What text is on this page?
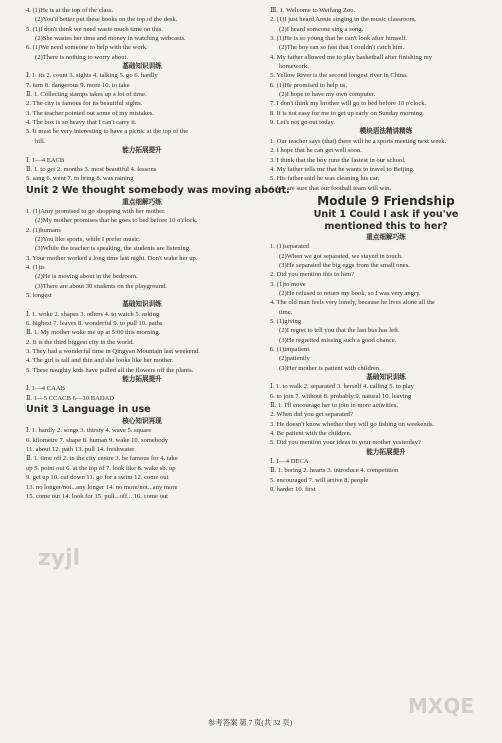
4. (1)He is at the top of the class.
(2)You'd better put these books on the top of the desk.
5. (1)I don't think we need waste much time on this.
(2)She wastes her time and money in watching webcasts.
6. (1)We need someone to help with the work.
(2)There is nothing to worry about.
基础知识训练
Ⅰ. 1. its 2. count 3. sights 4. talking 5. go 6. hardly
7. turn 8. dangerous 9. more 10. to take
Ⅱ. 1. Collecting stamps takes up a lot of time.
2. The city is famous for its beautiful sights.
3. The teacher pointed out some of my mistakes.
4. The box is so heavy that I can't carry it.
5. It must be very interesting to have a picnic at the top of the
hill.
能力拓展提升
Ⅰ. 1—4 EACB
Ⅱ. 1. to get 2. months 3. most beautiful 4. lessons
5. sang 6. went 7. to bring 8. was raining
Unit 2 We thought somebody was moving about.
重点细解巧练
1. (1)Amy promised to go shopping with her mother.
(2)My mother promises that he goes to bed before 10 o'clock.
2. (1)humans
(2)You like sports, while I prefer music.
(3)While the teacher is speaking, the students are listening.
3. Your mother worked a long time last night. Don't wake her up.
4. (1)is
(2)He is moving about in the bedroom.
(3)There are about 30 students on the playground.
5. longest
基础知识训练
Ⅰ. 1. woke 2. shapes 3. others 4. to watch 5. asking
6. highest 7. leaves 8. wonderful 9. to pull 10. paths
Ⅱ. 1. My mother woke me up at 5:00 this morning.
2. It is the third biggest city in the world.
3. They had a wonderful time in Qingyan Mountain last weekend.
4. The girl is tall and thin and she looks like her mother.
5. These naughty kids have pulled all the flowers off the plants.
能力拓展提升
Ⅰ. 1—4 CAAB
Ⅱ. 1—5 CCACB 6—10 BADAD
Unit 3 Language in use
核心知识再现
Ⅰ. 1. hardly 2. songs 3. thirsty 4. wave 5. square
6. kilometre 7. shape 8. human 9. wake 10. somebody
11. about 12. path 13. pull 14. freshwater
Ⅱ. 1. time off 2. in the city centre 3. be famous for 4. take
up 5. point out 6. at the top of 7. look like 8. wake sb. up
9. get up 10. cut down 11. go for a swim 12. come out
13. no longer/not...any longer 14. no more/not...any more
15. come out 14. look for 15. pull...off... 16. come out
Ⅲ. 1. Welcome to Weifang Zoo.
2. (1)I just heard Annie singing in the music classroom.
(2)I heard someone sing a song.
3. (1)He is so young that he can't look after himself.
(2)The boy ran so fast that I couldn't catch him.
4. My father allowed me to play basketball after finishing my
homework.
5. Yellow River is the second longest river in China.
6. (1)He promised to help us.
(2)I hope to have my own computer.
7. I don't think my brother will go to bed before 10 o'clock.
8. It is not easy for me to get up early on Sunday morning.
9. Let's not go out today.
模块语法精讲精练
1. Our teacher says (that) there will be a sports meeting next week.
2. I hope that he can get well soon.
3. I think that the boy runs the fastest in our school.
4. My father tells me that he wants to travel to Beijing.
5. His father said he was cleaning his car.
6. We are sure that our football team will win.
Module 9 Friendship
Unit 1 Could I ask if you've
mentioned this to her?
重点细解巧练
1. (1)separated
(2)When we got separated, we stayed in touch.
(3)He separated the big eggs from the small ones.
2. Did you mention this to him?
3. (1)to move
(2)He refused to return my book, so I was very angry.
4. The old man feels very lonely, because he lives alone all the
time.
5. (1)giving
(2)I regret to tell you that the last bus has left.
(3)He regretted missing such a good chance.
6. (1)impatient
(2)patiently
(3)Her mother is patient with children.
基础知识训练
Ⅰ. 1. to walk 2. separated 3. herself 4. calling 5. to play
6. to join 7. without 8. probably 9. natural 10. leaving
Ⅱ. 1. I'll encourage her to join in more activities.
2. When did you get separated?
3. He doesn't know whether they will go fishing on weekends.
4. Be patient with the children.
5. Did you mention your ideas to your mother yesterday?
能力拓展提升
Ⅰ. 1—4 DECA
Ⅱ. 1. boring 2. hearts 3. introduce 4. competition
5. encouraged 7. will arrive 8. people
9. harder 10. first
zyjl
MXQE
参考答案 第 7 页(共 32 页)
